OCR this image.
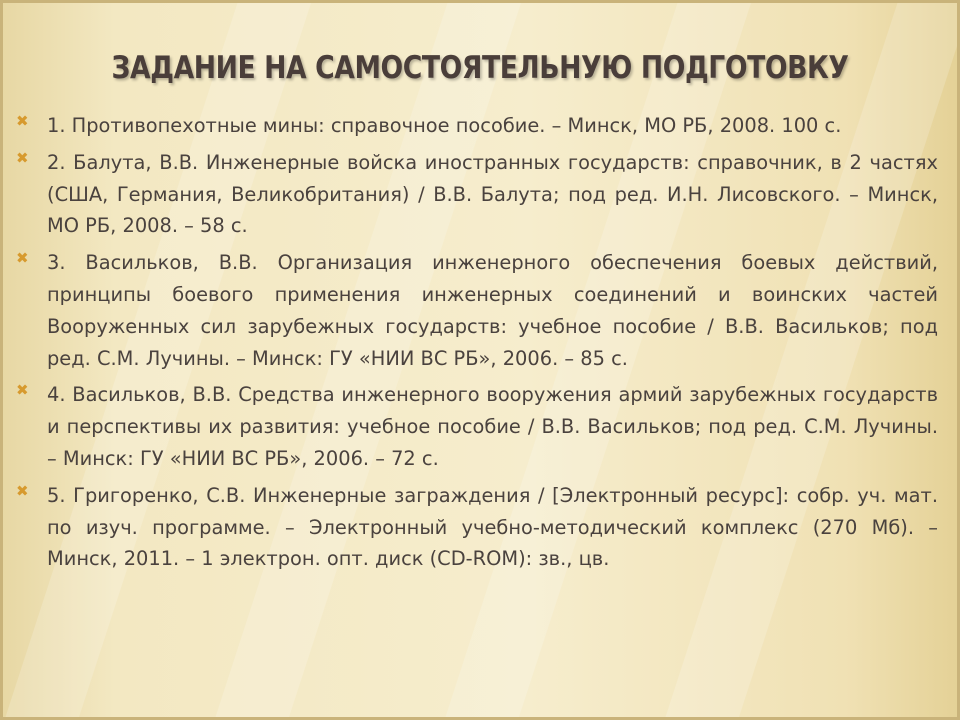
ЗАДАНИЕ НА САМОСТОЯТЕЛЬНУЮ ПОДГОТОВКУ
✖ 1. Противопехотные мины: справочное пособие. – Минск, МО РБ, 2008. 100 с.
✖ 2. Балута, В.В. Инженерные войска иностранных государств: справочник, в 2 частях (США, Германия, Великобритания) / В.В. Балута; под ред. И.Н. Лисовского. – Минск, МО РБ, 2008. – 58 с.
✖ 3. Васильков, В.В. Организация инженерного обеспечения боевых действий, принципы боевого применения инженерных соединений и воинских частей Вооруженных сил зарубежных государств: учебное пособие / В.В. Васильков; под ред. С.М. Лучины. – Минск: ГУ «НИИ ВС РБ», 2006. – 85 с.
✖ 4. Васильков, В.В. Средства инженерного вооружения армий зарубежных государств и перспективы их развития: учебное пособие / В.В. Васильков; под ред. С.М. Лучины. – Минск: ГУ «НИИ ВС РБ», 2006. – 72 с.
✖ 5. Григоренко, С.В. Инженерные заграждения / [Электронный ресурс]: собр. уч. мат. по изуч. программе. – Электронный учебно-методический комплекс (270 Мб). – Минск, 2011. – 1 электрон. опт. диск (CD-ROM): зв., цв.
